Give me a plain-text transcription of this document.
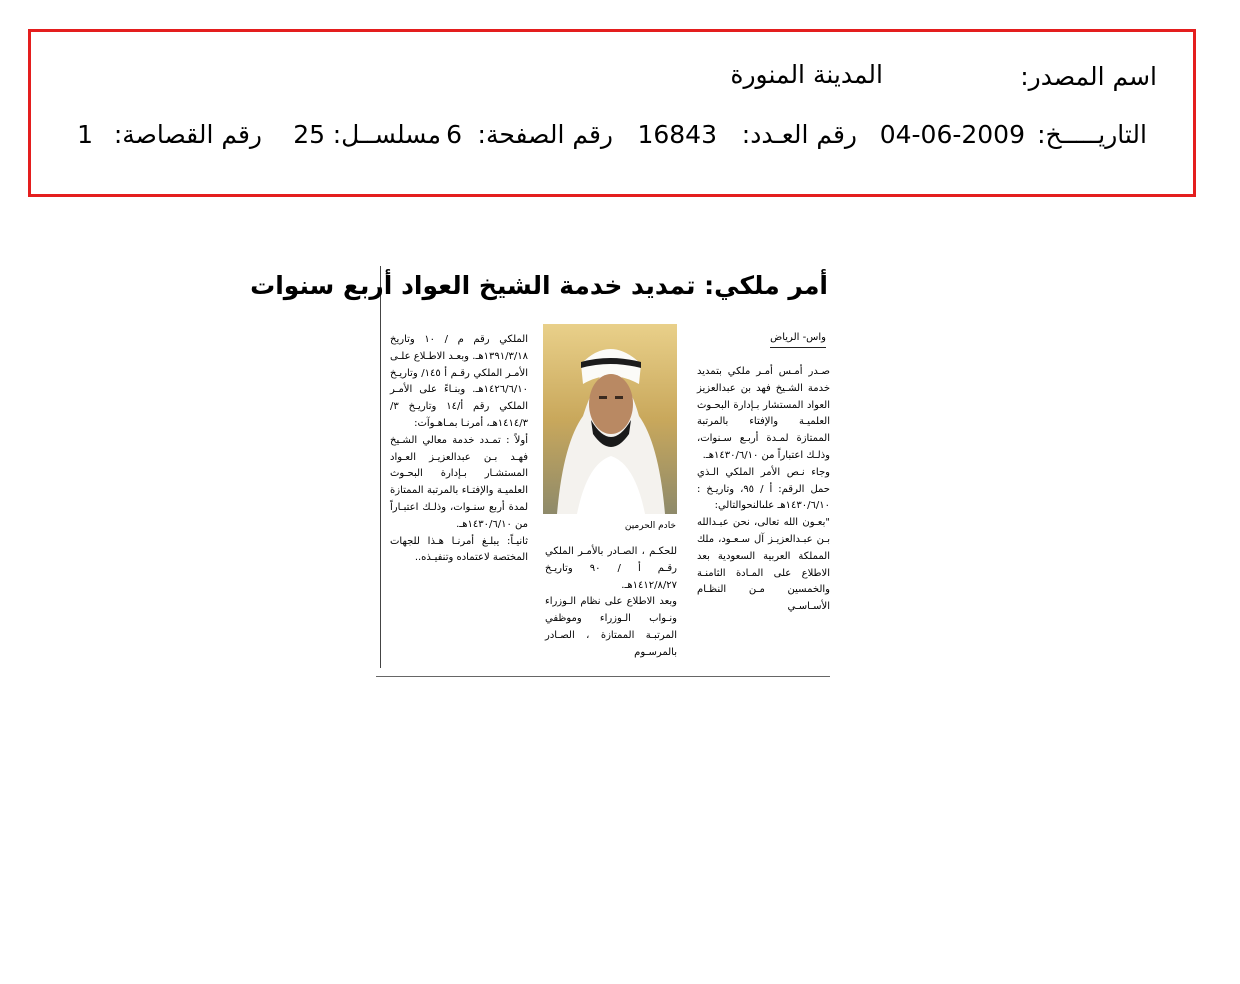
اسم المصدر:
المدينة المنورة
التاريـــــخ:
04-06-2009
رقم العـدد:
16843
رقم الصفحة:
6
مسلســل:
25
رقم القصاصة:
1
أمر ملكي: تمديد خدمة الشيخ العواد أربع سنوات
واس- الرياض

صـدر أمـس أمـر ملكي بتمديد خدمة الشـيخ فهد بن عبدالعزيز العواد المستشار بـإدارة البحـوث العلميـة والإفتاء بالمرتبة الممتازة لمـدة أربـع سـنوات، وذلـك اعتباراً من ١٤٣٠/٦/١٠هـ.

وجاء نـص الأمر الملكي الـذي حمل الرقم: أ / ٩٥، وتاريـخ : ١٤٣٠/٦/١٠هـ علىالنحوالتالي:

"بعـون الله تعالى، نحن عبـدالله بـن عبـدالعزيـز آل سـعـود، ملك المملكة العربية السعودية بعد الاطلاع على المـادة الثامنـة والخمسين مـن النظـام الأسـاسـي

خادم الحرمين

للحكـم ، الصـادر بالأمـر الملكي رقـم أ / ٩٠ وتاريـخ ١٤١٢/٨/٢٧هـ.

وبعد الاطلاع على نظام الـوزراء ونـواب الـوزراء وموظفي المرتبـة الممتازة ، الصـادر بالمرسـوم

الملكي رقم م / ١٠ وتاريخ ١٣٩١/٣/١٨هـ. وبعـد الاطـلاع علـى الأمـر الملكي رقـم أ ١٤٥/ وتاريـخ ١٤٢٦/٦/١٠هـ. وبنـاءً على الأمـر الملكي رقم أ/١٤ وتاريـخ ٣/ ١٤١٤/٣هـ، أمرنـا بمـاهـوآت:

أولاً : تمـدد خدمة معالي الشـيخ فهـد بـن عبدالعزيـز العـواد المستشـار بـإدارة البحـوث العلميـة والإفتـاء بالمرتبة الممتازة لمدة أربع سنـوات، وذلـك اعتبـاراً من ١٤٣٠/٦/١٠هـ.

ثانيـاً: يبلـغ أمرنـا هـذا للجهات المختصة لاعتماده وتنفيـذه..
